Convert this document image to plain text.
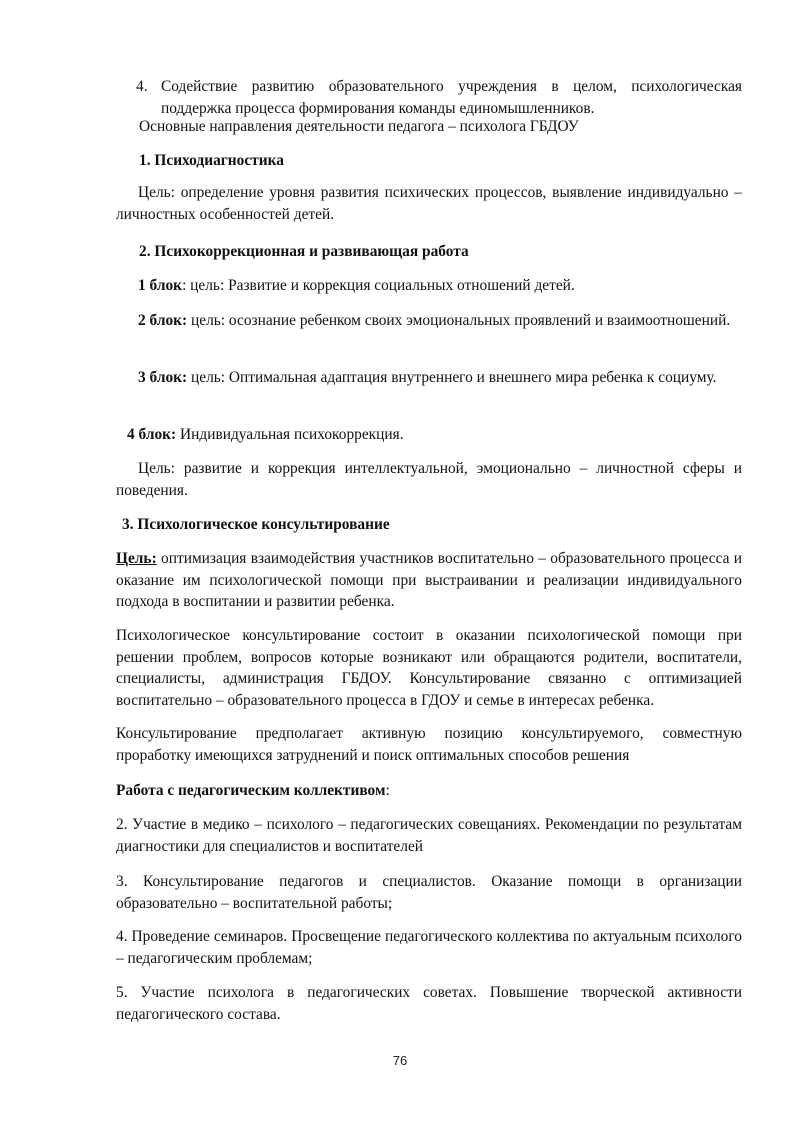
4. Содействие развитию образовательного учреждения в целом, психологическая поддержка процесса формирования команды единомышленников.

Основные направления деятельности педагога – психолога ГБДОУ

1. Психодиагностика

Цель: определение уровня развития психических процессов, выявление индивидуально – личностных особенностей детей.

2. Психокоррекционная и развивающая работа

1 блок: цель: Развитие и коррекция социальных отношений детей.

2 блок: цель: осознание ребенком своих эмоциональных проявлений и взаимоотношений.

3 блок: цель: Оптимальная адаптация внутреннего и внешнего мира ребенка к социуму.

4 блок: Индивидуальная психокоррекция.

Цель: развитие и коррекция интеллектуальной, эмоционально – личностной сферы и поведения.

3. Психологическое консультирование

Цель: оптимизация взаимодействия участников воспитательно – образовательного процесса и оказание им психологической помощи при выстраивании и реализации индивидуального подхода в воспитании и развитии ребенка.

Психологическое консультирование состоит в оказании психологической помощи при решении проблем, вопросов которые возникают или обращаются родители, воспитатели, специалисты, администрация ГБДОУ. Консультирование связанно с оптимизацией воспитательно – образовательного процесса в ГДОУ и семье в интересах ребенка.

Консультирование предполагает активную позицию консультируемого, совместную проработку имеющихся затруднений и поиск оптимальных способов решения

Работа с педагогическим коллективом:

2. Участие в медико – психолого – педагогических совещаниях. Рекомендации по результатам диагностики для специалистов и воспитателей

3. Консультирование педагогов и специалистов. Оказание помощи в организации образовательно – воспитательной работы;

4. Проведение семинаров. Просвещение педагогического коллектива по актуальным психолого – педагогическим проблемам;

5. Участие психолога в педагогических советах. Повышение творческой активности педагогического состава.

76
